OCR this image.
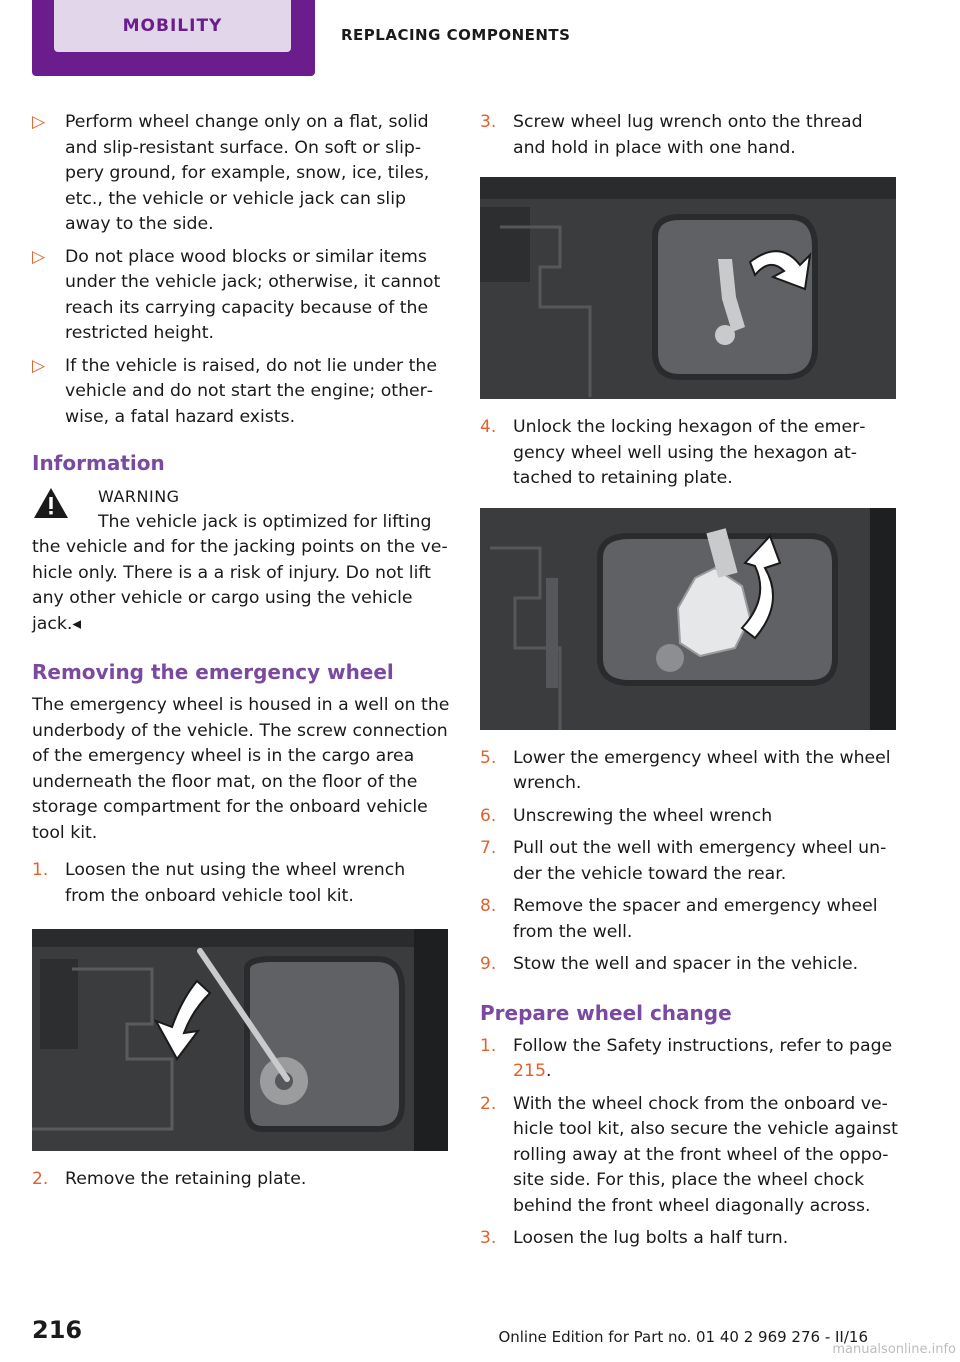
MOBILITY	REPLACING COMPONENTS
▷	Perform wheel change only on a flat, solid and slip-resistant surface. On soft or slippery ground, for example, snow, ice, tiles, etc., the vehicle or vehicle jack can slip away to the side.
▷	Do not place wood blocks or similar items under the vehicle jack; otherwise, it cannot reach its carrying capacity because of the restricted height.
▷	If the vehicle is raised, do not lie under the vehicle and do not start the engine; otherwise, a fatal hazard exists.
Information

WARNING

The vehicle jack is optimized for lifting

the vehicle and for the jacking points on the vehicle only. There is a a risk of injury. Do not lift any other vehicle or cargo using the vehicle jack.◂

Removing the emergency wheel

The emergency wheel is housed in a well on the underbody of the vehicle. The screw connection of the emergency wheel is in the cargo area underneath the floor mat, on the floor of the storage compartment for the onboard vehicle tool kit.

1. Loosen the nut using the wheel wrench from the onboard vehicle tool kit.
2. Remove the retaining plate.
3. Screw wheel lug wrench onto the thread and hold in place with one hand.
4. Unlock the locking hexagon of the emergency wheel well using the hexagon attached to retaining plate.
5. Lower the emergency wheel with the wheel wrench.
6. Unscrewing the wheel wrench
7. Pull out the well with emergency wheel under the vehicle toward the rear.
8. Remove the spacer and emergency wheel from the well.
9. Stow the well and spacer in the vehicle.
Prepare wheel change
1. Follow the Safety instructions, refer to page 215.
2. With the wheel chock from the onboard vehicle tool kit, also secure the vehicle against rolling away at the front wheel of the opposite side. For this, place the wheel chock behind the front wheel diagonally across.
3. Loosen the lug bolts a half turn.
216	Online Edition for Part no. 01 40 2 969 276 - II/16
manualsonline.info
